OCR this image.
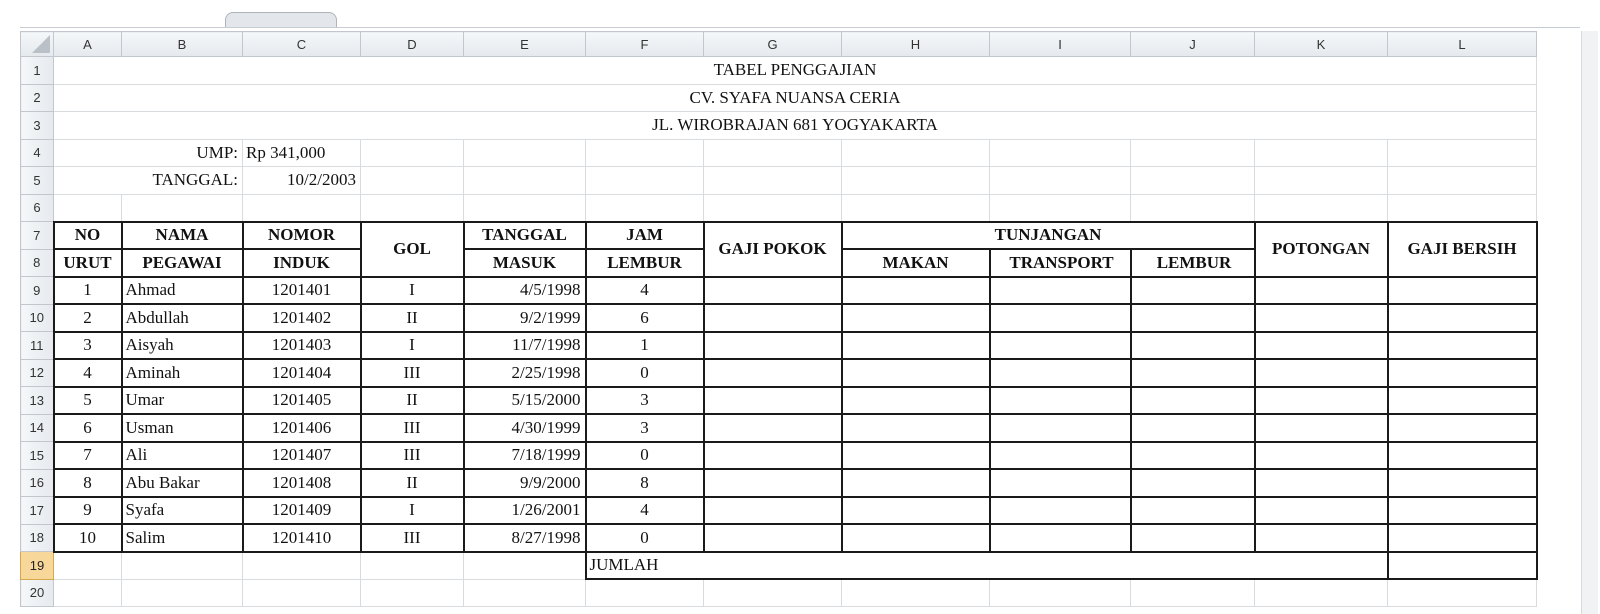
	A	B	C	D	E	F	G	H	I	J	K	L
1	TABEL PENGGAJIAN											
2	CV. SYAFA NUANSA CERIA											
3	JL. WIROBRAJAN 681 YOGYAKARTA											
4	UMP:		Rp 341,000									
5	TANGGAL:		10/2/2003									
6												
7	NO	NAMA	NOMOR	GOL	TANGGAL	JAM	GAJI POKOK	TUNJANGAN			POTONGAN	GAJI BERSIH
8	URUT	PEGAWAI	INDUK		MASUK	LEMBUR		MAKAN	TRANSPORT	LEMBUR		
9	1	Ahmad	1201401	I	4/5/1998	4						
10	2	Abdullah	1201402	II	9/2/1999	6						
11	3	Aisyah	1201403	I	11/7/1998	1						
12	4	Aminah	1201404	III	2/25/1998	0						
13	5	Umar	1201405	II	5/15/2000	3						
14	6	Usman	1201406	III	4/30/1999	3						
15	7	Ali	1201407	III	7/18/1999	0						
16	8	Abu Bakar	1201408	II	9/9/2000	8						
17	9	Syafa	1201409	I	1/26/2001	4						
18	10	Salim	1201410	III	8/27/1998	0						
19						JUMLAH						
20												
